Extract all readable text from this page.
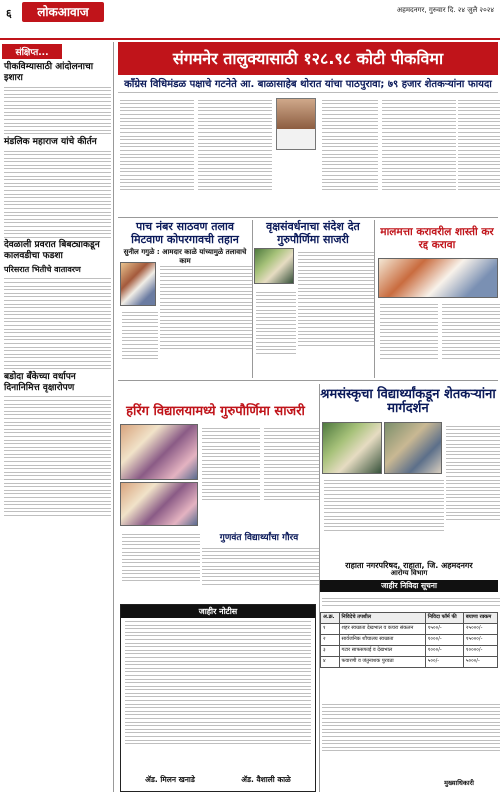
६	लोकआवाज	अहमदनगर, गुरुवार दि. २४ जुलै २०२४
संक्षिप्त...
पीकविम्यासाठी आंदोलनाचा इशारा
मंडलिक महाराज यांचे कीर्तन
देवळाली प्रवरात बिबट्याकडून कालवडीचा फडशा
परिसरात भितीचे वातावरण
बडोदा बँकेच्या वर्धापन दिनानिमित्त वृक्षारोपण
संगमनेर तालुक्यासाठी १२८.९८ कोटी पीकविमा
काँग्रेस विधिमंडळ पक्षाचे गटनेते आ. बाळासाहेब थोरात यांचा पाठपुरावा; ७९ हजार शेतकऱ्यांना फायदा
पाच नंबर साठवण तलाव मिटवाण कोपरगावची तहान
सुनील गगुळे : आमदार काळे यांच्यामुळे तलावाचे काम
वृक्षसंवर्धनाचा संदेश देत गुरुपौर्णिमा साजरी
मालमत्ता करावरील शास्ती कर रद्द करावा
हरिंग विद्यालयामध्ये गुरुपौर्णिमा साजरी
श्रमसंस्कृचा विद्यार्थ्यांकडून शेतकऱ्यांना मार्गदर्शन
गुणवंत विद्यार्थ्यांचा गौरव
जाहीर नोटीस
ॲड. मिलन खनाडे	ॲड. वैशाली काळे
राहाता नगरपरिषद, राहाता, जि. अहमदनगर
आरोग्य विभाग
जाहीर निविदा सूचना
अ.क्र.	निविदेचे तपशील	निविदा फॉर्म फी	बयाणा रक्कम
१	शहर स्वच्छता देखभाल व कचरा संकलन	१५००/-	२५०००/-
२	सार्वजनिक शौचालय स्वच्छता	१०००/-	१५०००/-
३	गटार साफसफाई व देखभाल	१०००/-	१००००/-
४	फवारणी व जंतुनाशक पुरवठा	५००/-	५०००/-
मुख्याधिकारी
